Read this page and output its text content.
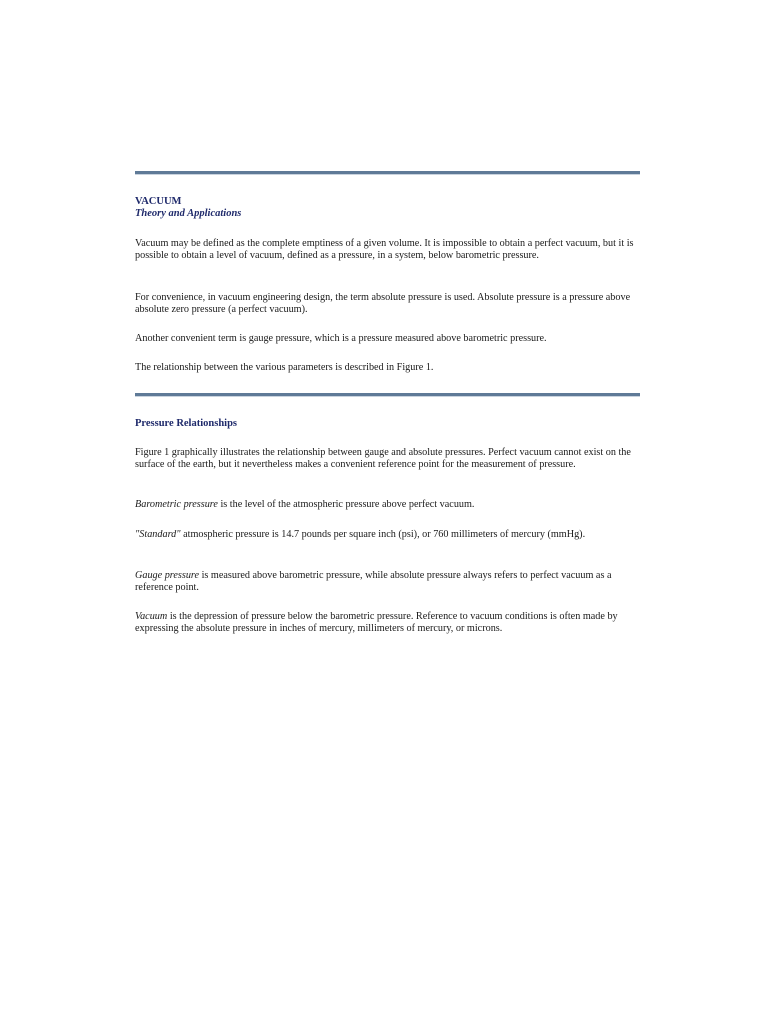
VACUUM
Theory and Applications
Vacuum may be defined as the complete emptiness of a given volume. It is impossible to obtain a perfect vacuum, but it is possible to obtain a level of vacuum, defined as a pressure, in a system, below barometric pressure.
For convenience, in vacuum engineering design, the term absolute pressure is used. Absolute pressure is a pressure above absolute zero pressure (a perfect vacuum).
Another convenient term is gauge pressure, which is a pressure measured above barometric pressure.
The relationship between the various parameters is described in Figure 1.
Pressure Relationships
Figure 1 graphically illustrates the relationship between gauge and absolute pressures. Perfect vacuum cannot exist on the surface of the earth, but it nevertheless makes a convenient reference point for the measurement of pressure.
Barometric pressure is the level of the atmospheric pressure above perfect vacuum.
"Standard" atmospheric pressure is 14.7 pounds per square inch (psi), or 760 millimeters of mercury (mmHg).
Gauge pressure is measured above barometric pressure, while absolute pressure always refers to perfect vacuum as a reference point.
Vacuum is the depression of pressure below the barometric pressure. Reference to vacuum conditions is often made by expressing the absolute pressure in inches of mercury, millimeters of mercury, or microns.
